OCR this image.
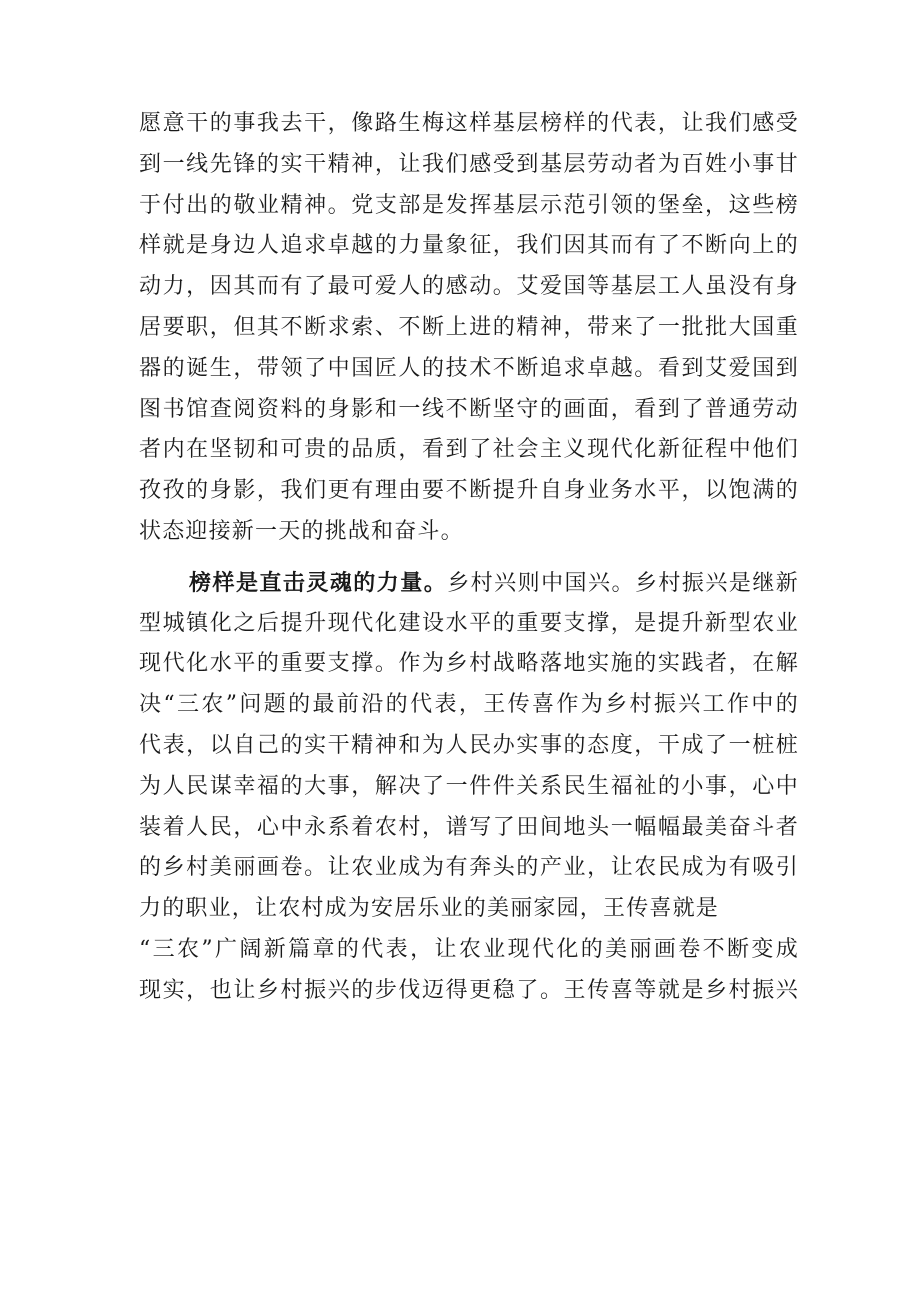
愿意干的事我去干，像路生梅这样基层榜样的代表，让我们感受
到一线先锋的实干精神，让我们感受到基层劳动者为百姓小事甘
于付出的敬业精神。党支部是发挥基层示范引领的堡垒，这些榜
样就是身边人追求卓越的力量象征，我们因其而有了不断向上的
动力，因其而有了最可爱人的感动。艾爱国等基层工人虽没有身
居要职，但其不断求索、不断上进的精神，带来了一批批大国重
器的诞生，带领了中国匠人的技术不断追求卓越。看到艾爱国到
图书馆查阅资料的身影和一线不断坚守的画面，看到了普通劳动
者内在坚韧和可贵的品质，看到了社会主义现代化新征程中他们
孜孜的身影，我们更有理由要不断提升自身业务水平，以饱满的
状态迎接新一天的挑战和奋斗。
榜样是直击灵魂的力量。乡村兴则中国兴。乡村振兴是继新
型城镇化之后提升现代化建设水平的重要支撑，是提升新型农业
现代化水平的重要支撑。作为乡村战略落地实施的实践者，在解
决“三农”问题的最前沿的代表，王传喜作为乡村振兴工作中的
代表，以自己的实干精神和为人民办实事的态度，干成了一桩桩
为人民谋幸福的大事，解决了一件件关系民生福祉的小事，心中
装着人民，心中永系着农村，谱写了田间地头一幅幅最美奋斗者
的乡村美丽画卷。让农业成为有奔头的产业，让农民成为有吸引
力的职业，让农村成为安居乐业的美丽家园，王传喜就是
“三农”广阔新篇章的代表，让农业现代化的美丽画卷不断变成
现实，也让乡村振兴的步伐迈得更稳了。王传喜等就是乡村振兴
